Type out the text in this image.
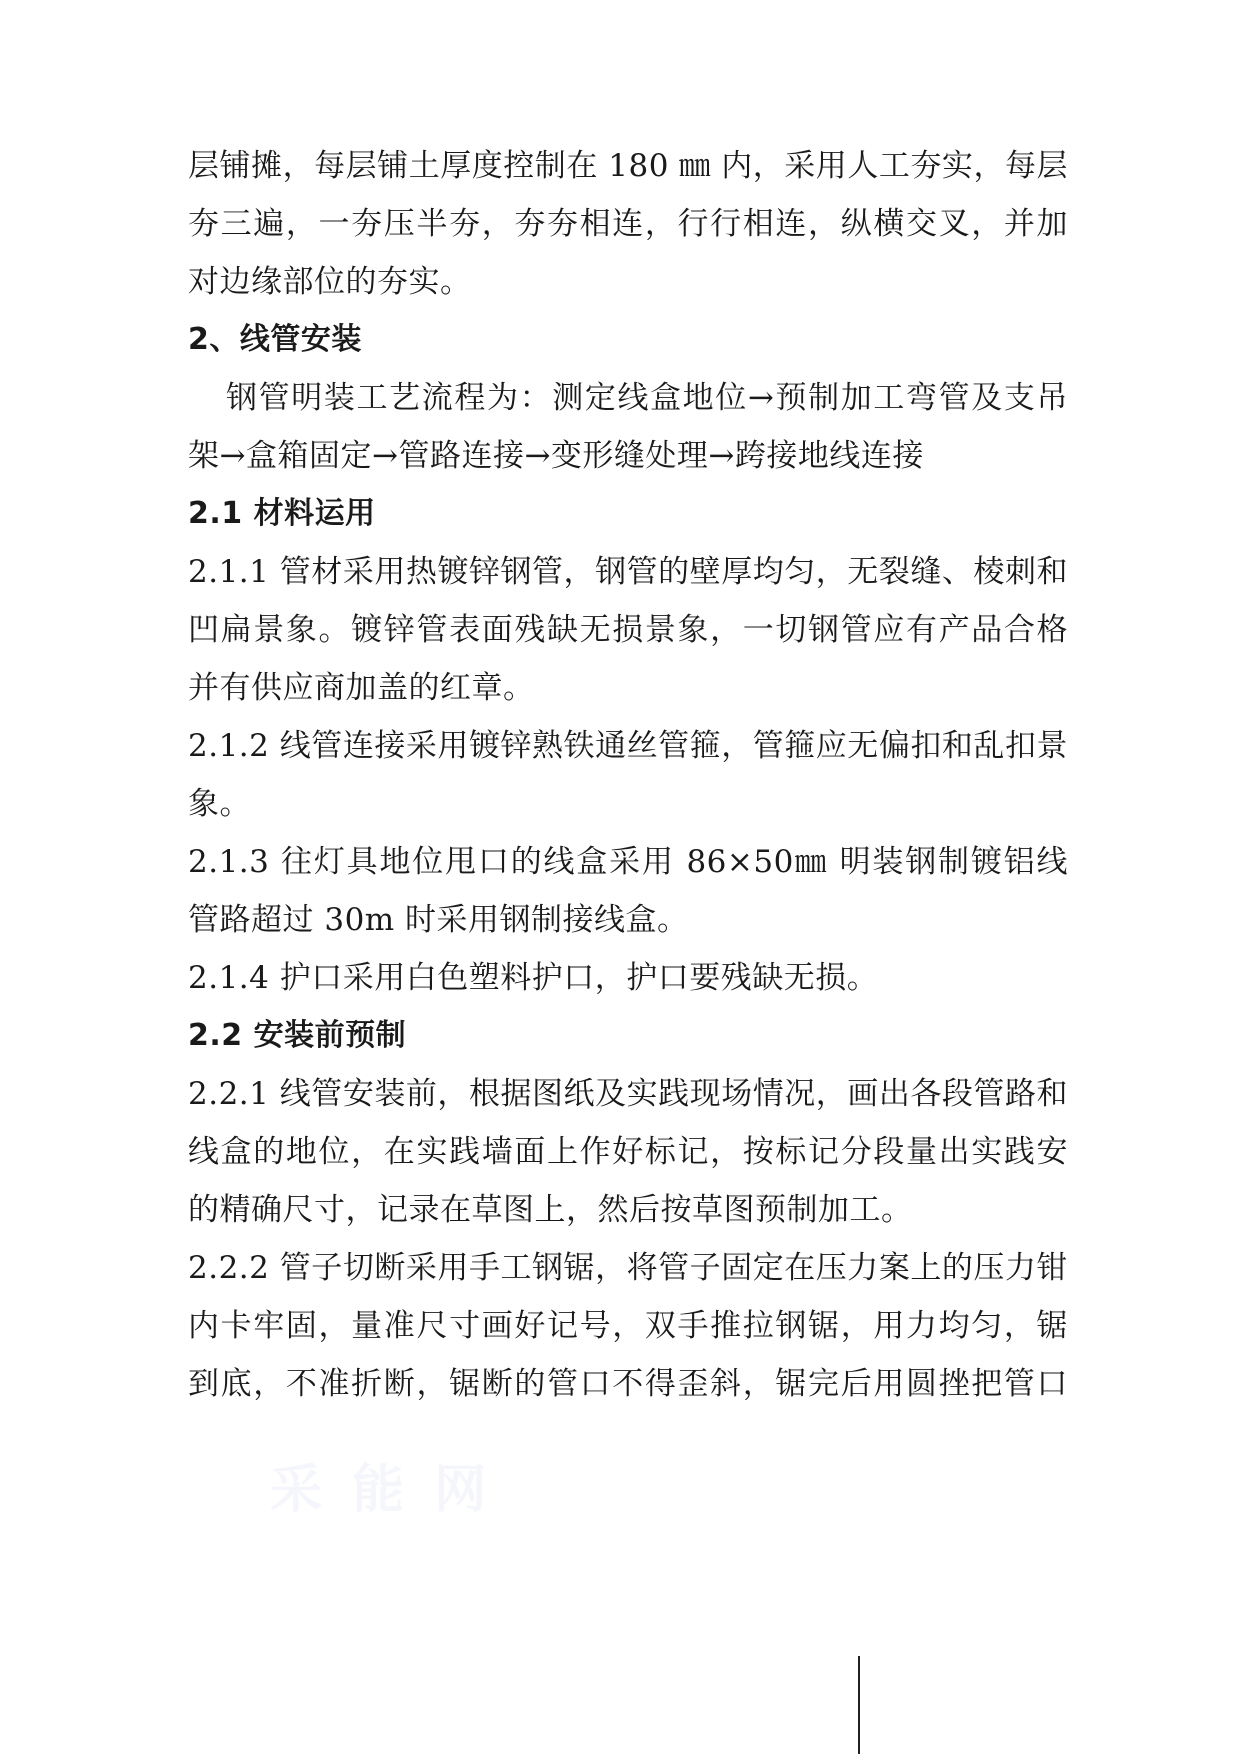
层铺摊，每层铺土厚度控制在 180 ㎜ 内，采用人工夯实，每层
夯三遍，一夯压半夯，夯夯相连，行行相连，纵横交叉，并加
对边缘部位的夯实。
2、线管安装
钢管明装工艺流程为：测定线盒地位→预制加工弯管及支吊
架→盒箱固定→管路连接→变形缝处理→跨接地线连接
2.1 材料运用
2.1.1 管材采用热镀锌钢管，钢管的壁厚均匀，无裂缝、棱刺和
凹扁景象。镀锌管表面残缺无损景象，一切钢管应有产品合格
并有供应商加盖的红章。
2.1.2 线管连接采用镀锌熟铁通丝管箍，管箍应无偏扣和乱扣景
象。
2.1.3 往灯具地位甩口的线盒采用 86×50㎜ 明装钢制镀铝线
管路超过 30m 时采用钢制接线盒。
2.1.4 护口采用白色塑料护口，护口要残缺无损。
2.2 安装前预制
2.2.1 线管安装前，根据图纸及实践现场情况，画出各段管路和
线盒的地位，在实践墙面上作好标记，按标记分段量出实践安
的精确尺寸，记录在草图上，然后按草图预制加工。
2.2.2 管子切断采用手工钢锯，将管子固定在压力案上的压力钳
内卡牢固，量准尺寸画好记号，双手推拉钢锯，用力均匀，锯
到底，不准折断，锯断的管口不得歪斜，锯完后用圆挫把管口
采 能 网
